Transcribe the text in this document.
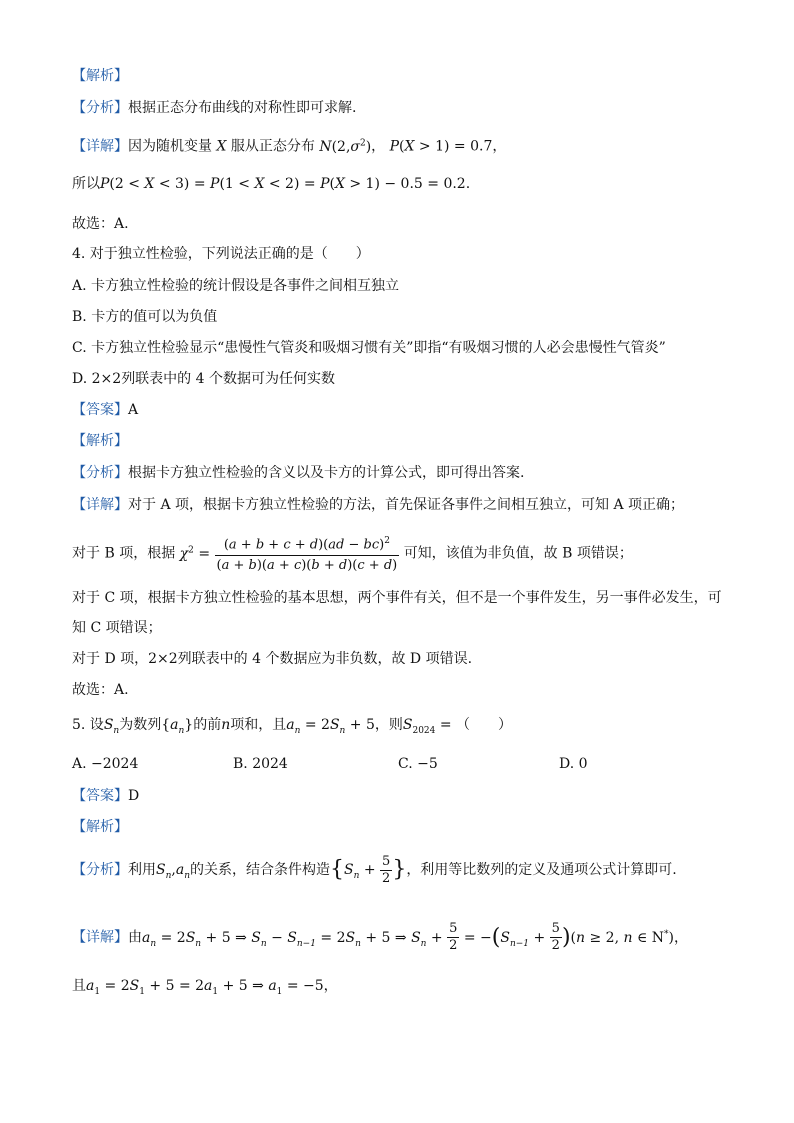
【解析】
【分析】根据正态分布曲线的对称性即可求解.
【详解】因为随机变量 X 服从正态分布 $N(2,\sigma^2)$， P(X > 1) = 0.7，
所以P(2 < X < 3) = P(1 < X < 2) = P(X > 1) − 0.5 = 0.2.
故选：A.
4. 对于独立性检验，下列说法正确的是（　　）
A. 卡方独立性检验的统计假设是各事件之间相互独立
B. 卡方的值可以为负值
C. 卡方独立性检验显示“患慢性气管炎和吸烟习惯有关”即指“有吸烟习惯的人必会患慢性气管炎”
D. 2×2列联表中的 4 个数据可为任何实数
【答案】A
【解析】
【分析】根据卡方独立性检验的含义以及卡方的计算公式，即可得出答案.
【详解】对于 A 项，根据卡方独立性检验的方法，首先保证各事件之间相互独立，可知 A 项正确；
对于 B 项，根据 $\chi^2 = \frac{(a + b + c + d)(ad - bc)^2}{(a + b)(a + c)(b + d)(c + d)}$ 可知，该值为非负值，故 B 项错误；
对于 C 项，根据卡方独立性检验的基本思想，两个事件有关，但不是一个事件发生，另一事件必发生，可
知 C 项错误；
对于 D 项，2×2列联表中的 4 个数据应为非负数，故 D 项错误.
故选：A.
5. 设$S_n$为数列$\{a_n\}$的前n项和，且$a_n = 2S_n + 5$，则$S_{2024}$ = （　　）
A. −2024	B. 2024	C. −5	D. 0
【答案】D
【解析】
【分析】利用$S_n,a_n$的关系，结合条件构造{$S_n + \frac{5}{2}$ }，利用等比数列的定义及通项公式计算即可.
【详解】由$a_n = 2S_n + 5$ ⇒ $S_n - S_{n-1} = 2S_n + 5$ ⇒ $S_n + \frac{5}{2} = -(S_{n-1} + \frac{5}{2} )(n \ge 2$, n ∈ N*)，
且$a_1 = 2S_1 + 5 = 2a_1 + 5$ ⇒ $a_1 = -5$，
